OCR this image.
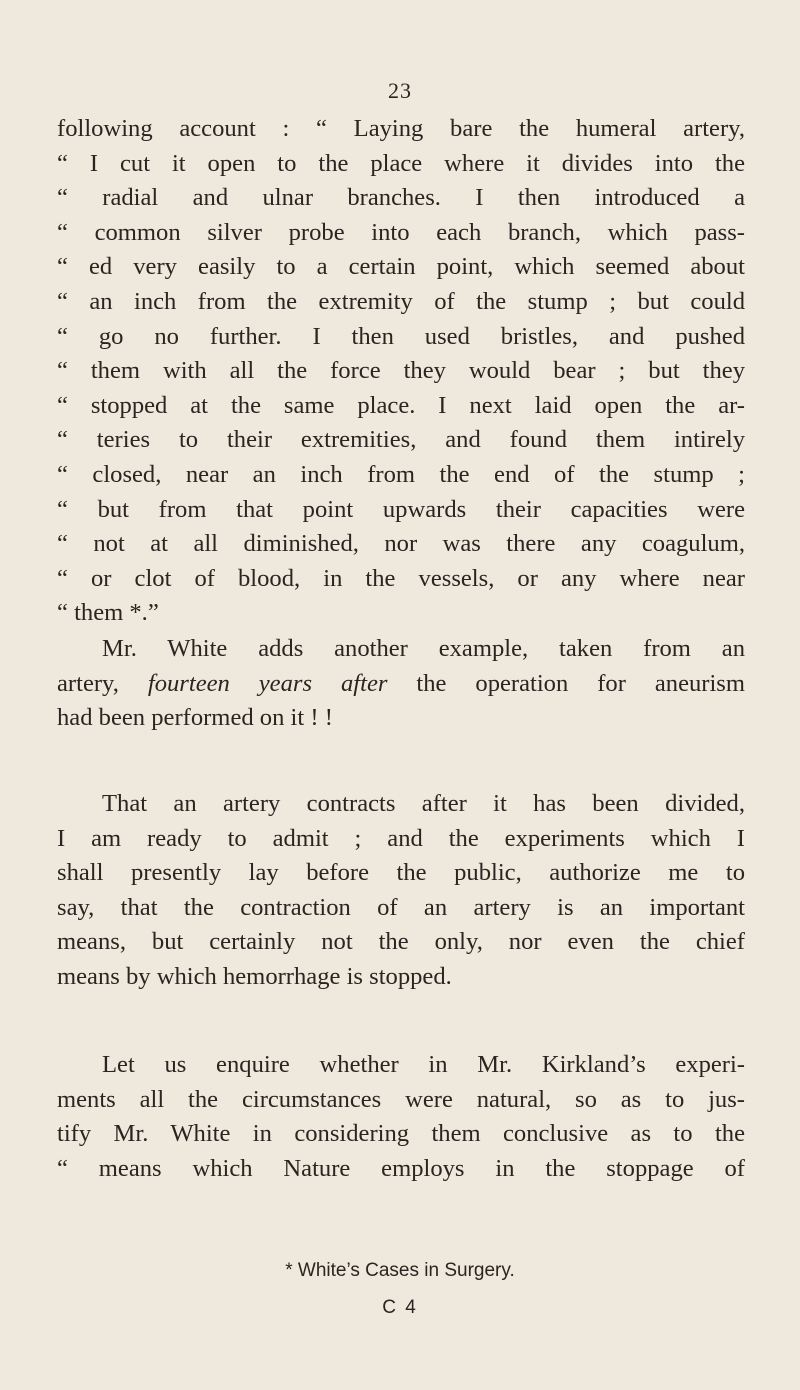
23
following account : “ Laying bare the humeral artery,
“ I cut it open to the place where it divides into the
“ radial and ulnar branches. I then introduced a
“ common silver probe into each branch, which pass-
“ ed very easily to a certain point, which seemed about
“ an inch from the extremity of the stump ; but could
“ go no further. I then used bristles, and pushed
“ them with all the force they would bear ; but they
“ stopped at the same place. I next laid open the ar-
“ teries to their extremities, and found them intirely
“ closed, near an inch from the end of the stump ;
“ but from that point upwards their capacities were
“ not at all diminished, nor was there any coagulum,
“ or clot of blood, in the vessels, or any where near
“ them *.”
Mr. White adds another example, taken from an
artery, fourteen years after the operation for aneurism
had been performed on it ! !
That an artery contracts after it has been divided,
I am ready to admit ; and the experiments which I
shall presently lay before the public, authorize me to
say, that the contraction of an artery is an important
means, but certainly not the only, nor even the chief
means by which hemorrhage is stopped.
Let us enquire whether in Mr. Kirkland’s experi-
ments all the circumstances were natural, so as to jus-
tify Mr. White in considering them conclusive as to the
“ means which Nature employs in the stoppage of
* White’s Cases in Surgery.
C 4
